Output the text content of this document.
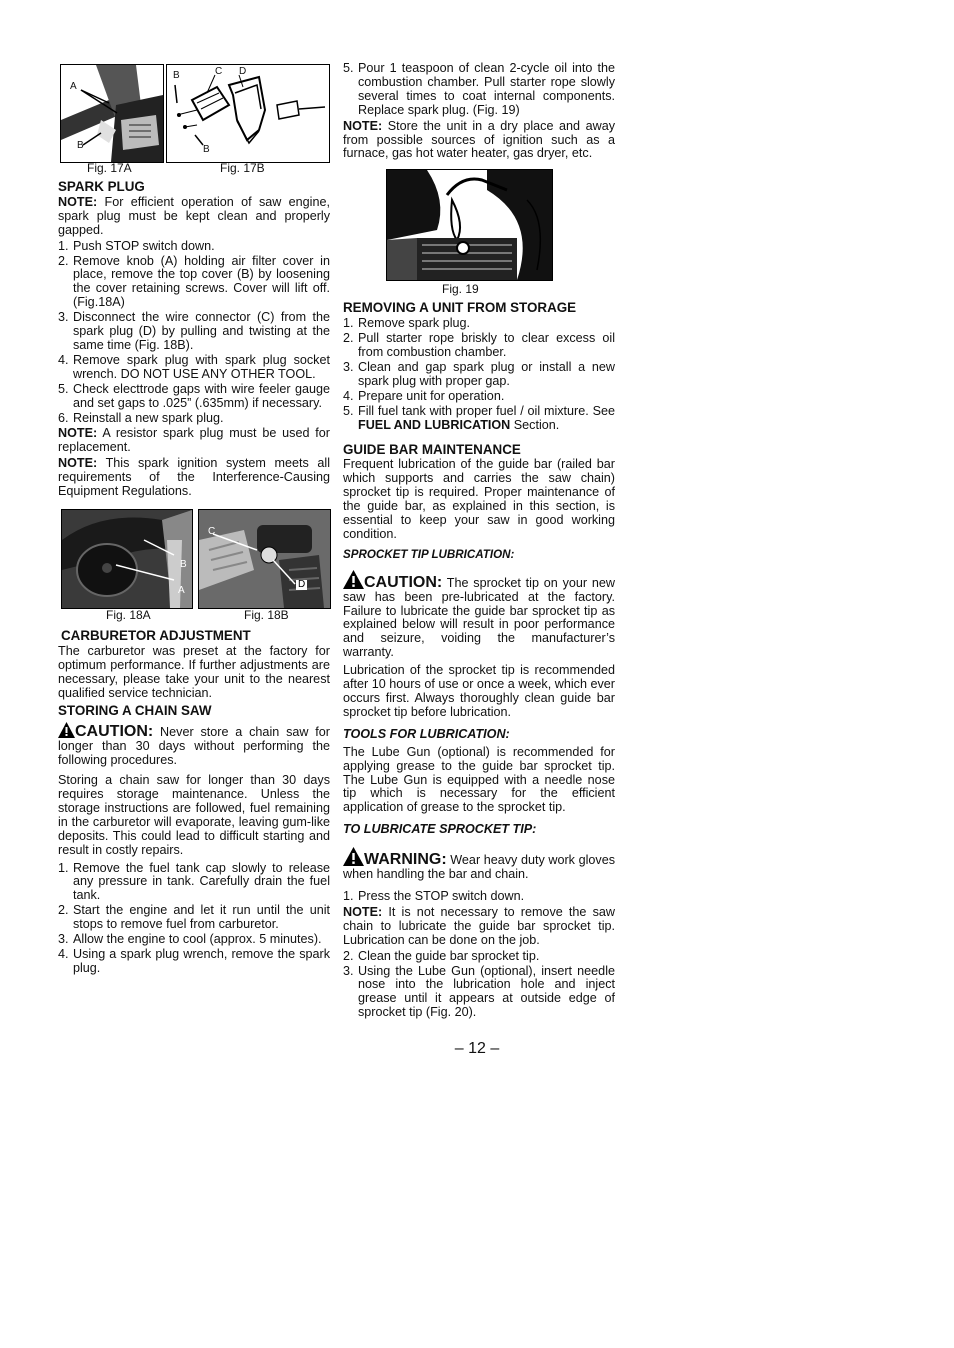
A
B
B	C D
B
Fig. 17A	Fig. 17B
SPARK PLUG

NOTE: For efficient operation of saw engine, spark plug must be kept clean and properly gapped.

1. Push STOP switch down.
2. Remove knob (A) holding air filter cover in place, remove the top cover (B) by loosening the cover retaining screws. Cover will lift off. (Fig.18A)
3. Disconnect the wire connector (C) from the spark plug (D) by pulling and twisting at the same time (Fig. 18B).
4. Remove spark plug with spark plug socket wrench. DO NOT USE ANY OTHER TOOL.
5. Check electtrode gaps with wire feeler gauge and set gaps to .025” (.635mm) if necessary.
6. Reinstall a new spark plug.

NOTE: A resistor spark plug must be used for replacement.

NOTE: This spark ignition system meets all requirements of the Interference-Causing Equipment Regulations.

B
A
C
D
Fig. 18A	Fig. 18B
CARBURETOR ADJUSTMENT

The carburetor was preset at the factory for optimum performance. If further adjustments are necessary, please take your unit to the nearest qualified service technician.

STORING A CHAIN SAW

CAUTION: Never store a chain saw for longer than 30 days without performing the following procedures.

Storing a chain saw for longer than 30 days requires storage maintenance. Unless the storage instructions are followed, fuel remaining in the carburetor will evaporate, leaving gum-like deposits. This could lead to difficult starting and result in costly repairs.

1. Remove the fuel tank cap slowly to release any pressure in tank. Carefully drain the fuel tank.
2. Start the engine and let it run until the unit stops to remove fuel from carburetor.
3. Allow the engine to cool (approx. 5 minutes).
4. Using a spark plug wrench, remove the spark plug.
5. Pour 1 teaspoon of clean 2-cycle oil into the combustion chamber. Pull starter rope slowly several times to coat internal components. Replace spark plug. (Fig. 19)

NOTE: Store the unit in a dry place and away from possible sources of ignition such as a furnace, gas hot water heater, gas dryer, etc.

Fig. 19
REMOVING A UNIT FROM STORAGE
1. Remove spark plug.
2. Pull starter rope briskly to clear excess oil from combustion chamber.
3. Clean and gap spark plug or install a new spark plug with proper gap.
4. Prepare unit for operation.
5. Fill fuel tank with proper fuel / oil mixture. See FUEL AND LUBRICATION Section.
GUIDE BAR MAINTENANCE

Frequent lubrication of the guide bar (railed bar which supports and carries the saw chain) sprocket tip is required. Proper maintenance of the guide bar, as explained in this section, is essential to keep your saw in good working condition.

SPROCKET TIP LUBRICATION:

CAUTION: The sprocket tip on your new saw has been pre-lubricated at the factory. Failure to lubricate the guide bar sprocket tip as explained below will result in poor performance and seizure, voiding the manufacturer’s warranty.

Lubrication of the sprocket tip is recommended after 10 hours of use or once a week, which ever occurs first. Always thoroughly clean guide bar sprocket tip before lubrication.

TOOLS FOR LUBRICATION:

The Lube Gun (optional) is recommended for applying grease to the guide bar sprocket tip. The Lube Gun is equipped with a needle nose tip which is necessary for the efficient application of grease to the sprocket tip.

TO LUBRICATE SPROCKET TIP:

WARNING: Wear heavy duty work gloves when handling the bar and chain.

1. Press the STOP switch down.

NOTE: It is not necessary to remove the saw chain to lubricate the guide bar sprocket tip. Lubrication can be done on the job.

2. Clean the guide bar sprocket tip.
3. Using the Lube Gun (optional), insert needle nose into the lubrication hole and inject grease until it appears at outside edge of sprocket tip (Fig. 20).
– 12 –
